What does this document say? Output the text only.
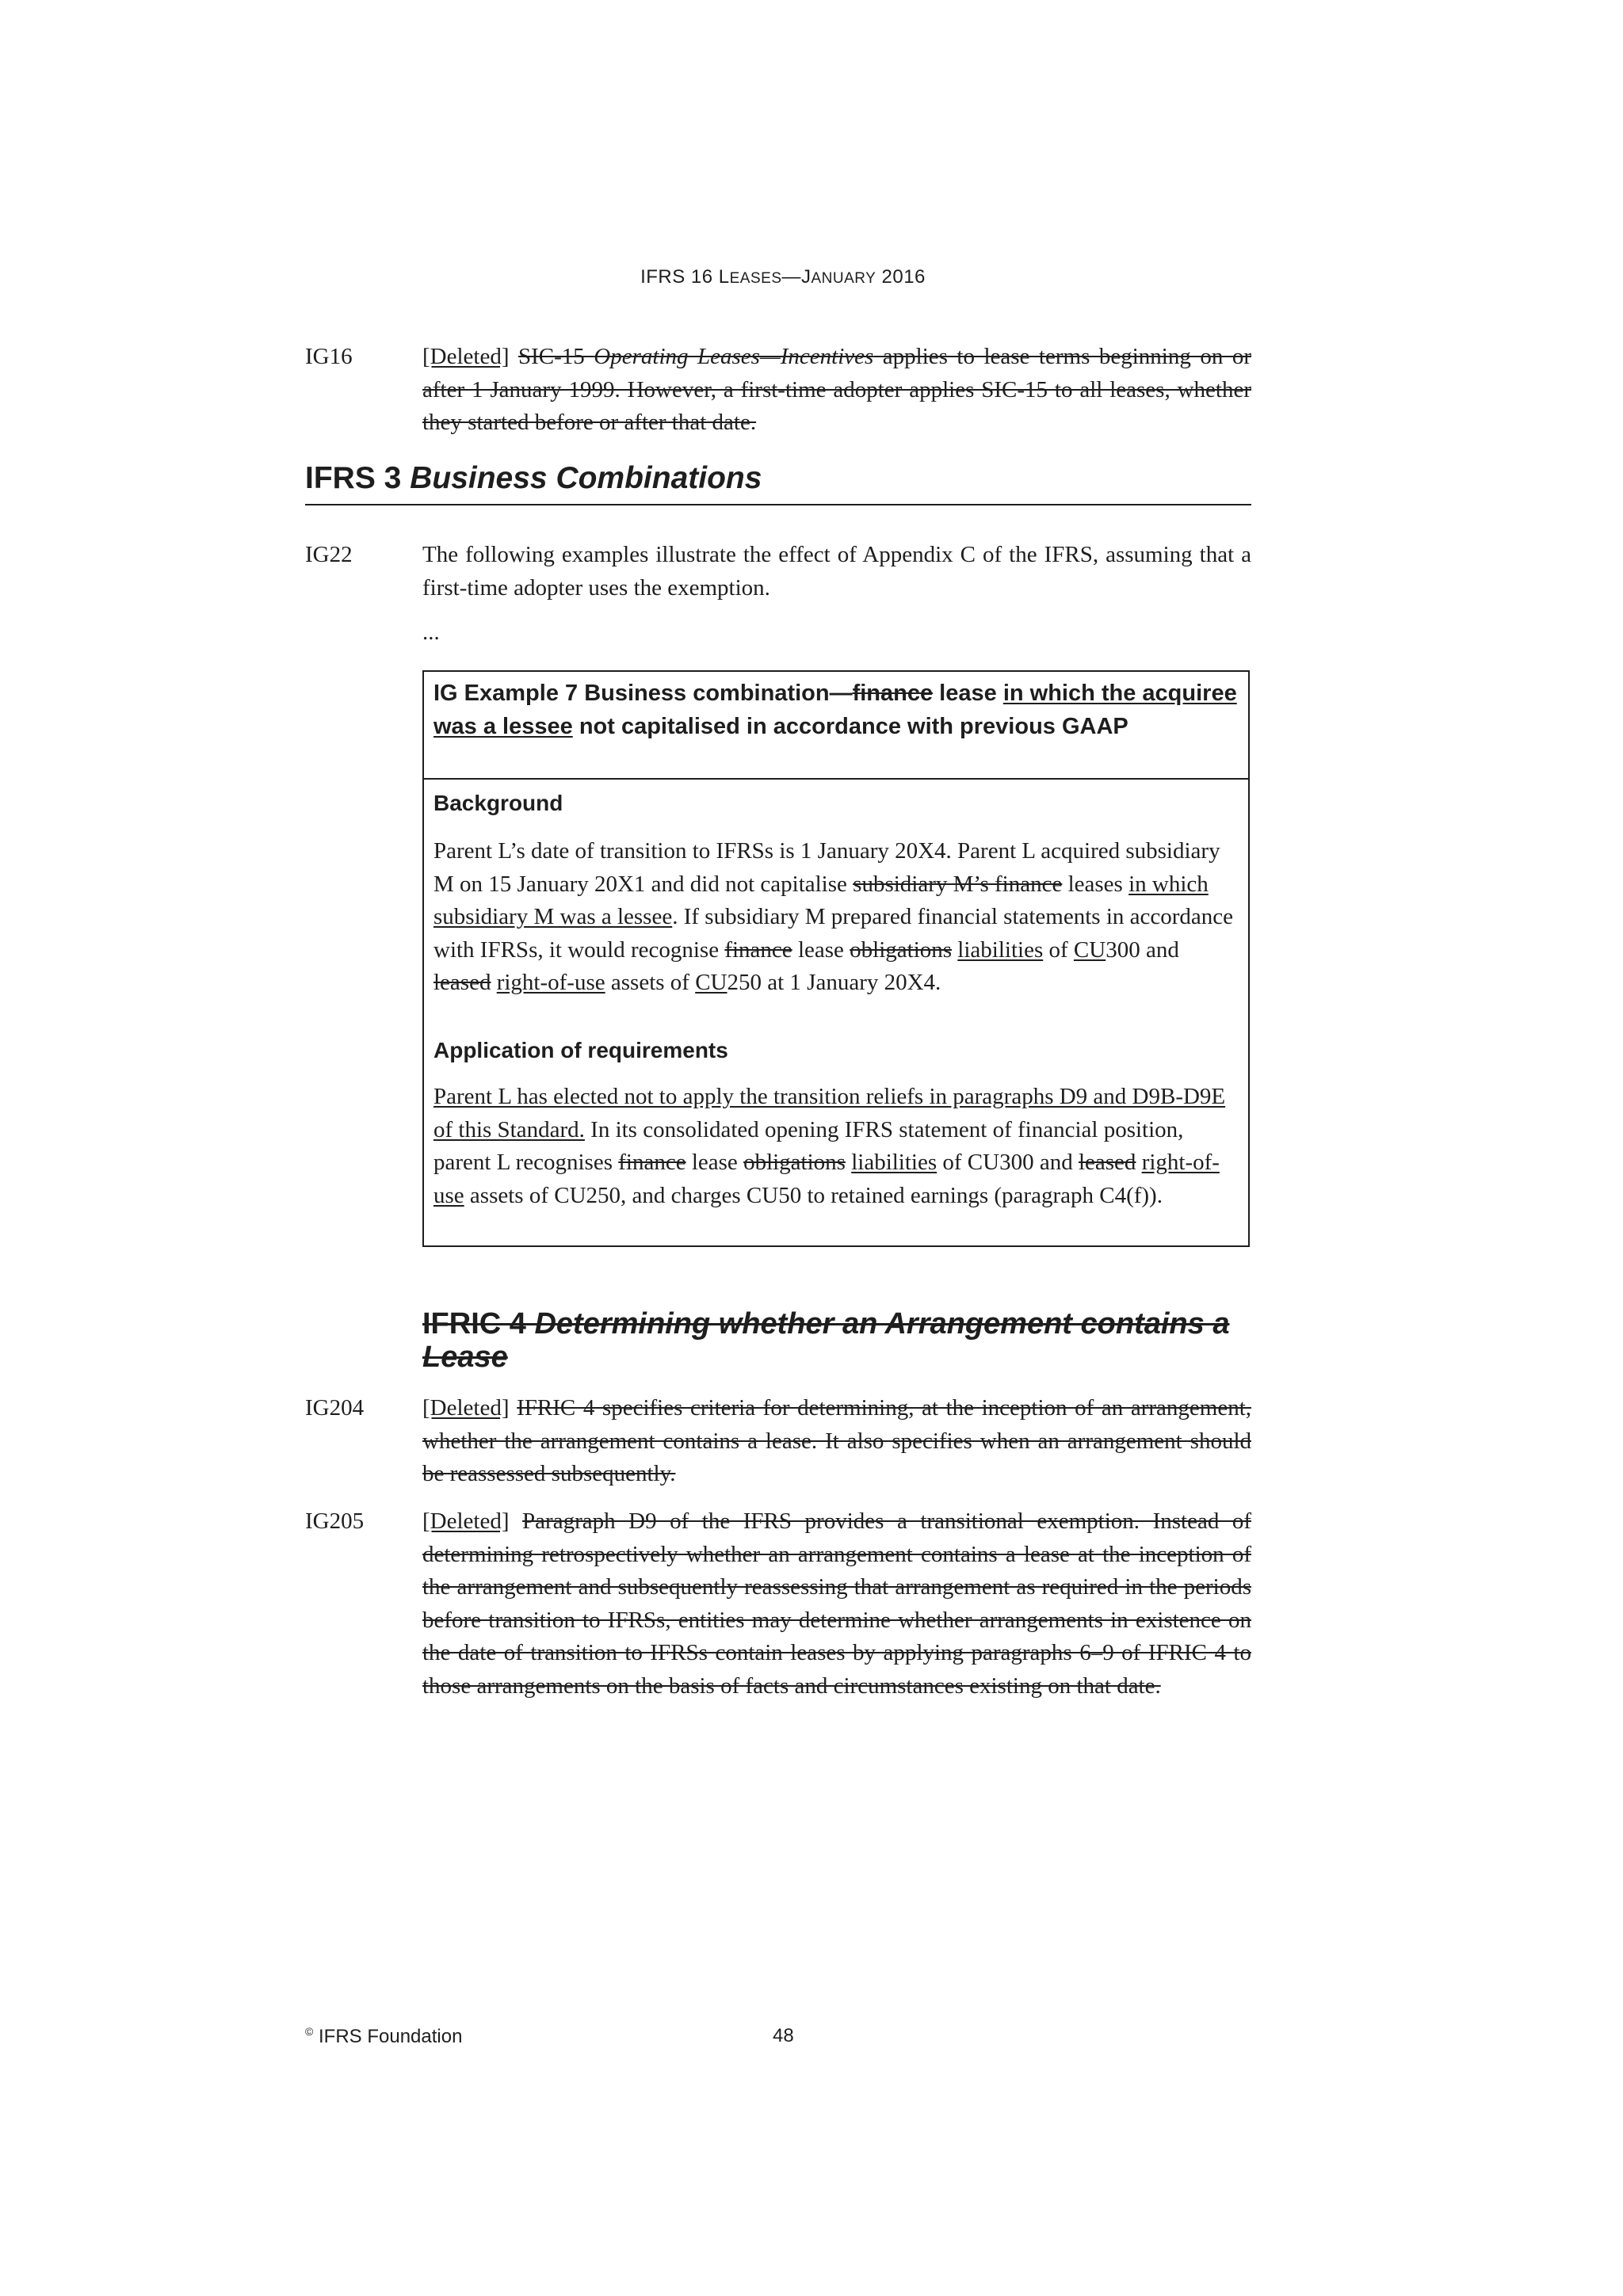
IFRS 16 LEASES—JANUARY 2016
IG16	[Deleted] SIC-15 Operating Leases—Incentives applies to lease terms beginning on or after 1 January 1999. However, a first-time adopter applies SIC-15 to all leases, whether they started before or after that date.
IFRS 3 Business Combinations
IG22	The following examples illustrate the effect of Appendix C of the IFRS, assuming that a first-time adopter uses the exemption.
...
IG Example 7 Business combination—finance lease in which the acquiree was a lessee not capitalised in accordance with previous GAAP
Background
Parent L’s date of transition to IFRSs is 1 January 20X4. Parent L acquired subsidiary M on 15 January 20X1 and did not capitalise subsidiary M’s finance leases in which subsidiary M was a lessee. If subsidiary M prepared financial statements in accordance with IFRSs, it would recognise finance lease obligations liabilities of CU300 and leased right-of-use assets of CU250 at 1 January 20X4.
Application of requirements
Parent L has elected not to apply the transition reliefs in paragraphs D9 and D9B-D9E of this Standard. In its consolidated opening IFRS statement of financial position, parent L recognises finance lease obligations liabilities of CU300 and leased right-of-use assets of CU250, and charges CU50 to retained earnings (paragraph C4(f)).
IFRIC 4 Determining whether an Arrangement contains a Lease
IG204	[Deleted] IFRIC 4 specifies criteria for determining, at the inception of an arrangement, whether the arrangement contains a lease. It also specifies when an arrangement should be reassessed subsequently.
IG205	[Deleted] Paragraph D9 of the IFRS provides a transitional exemption. Instead of determining retrospectively whether an arrangement contains a lease at the inception of the arrangement and subsequently reassessing that arrangement as required in the periods before transition to IFRSs, entities may determine whether arrangements in existence on the date of transition to IFRSs contain leases by applying paragraphs 6–9 of IFRIC 4 to those arrangements on the basis of facts and circumstances existing on that date.
© IFRS Foundation	48
